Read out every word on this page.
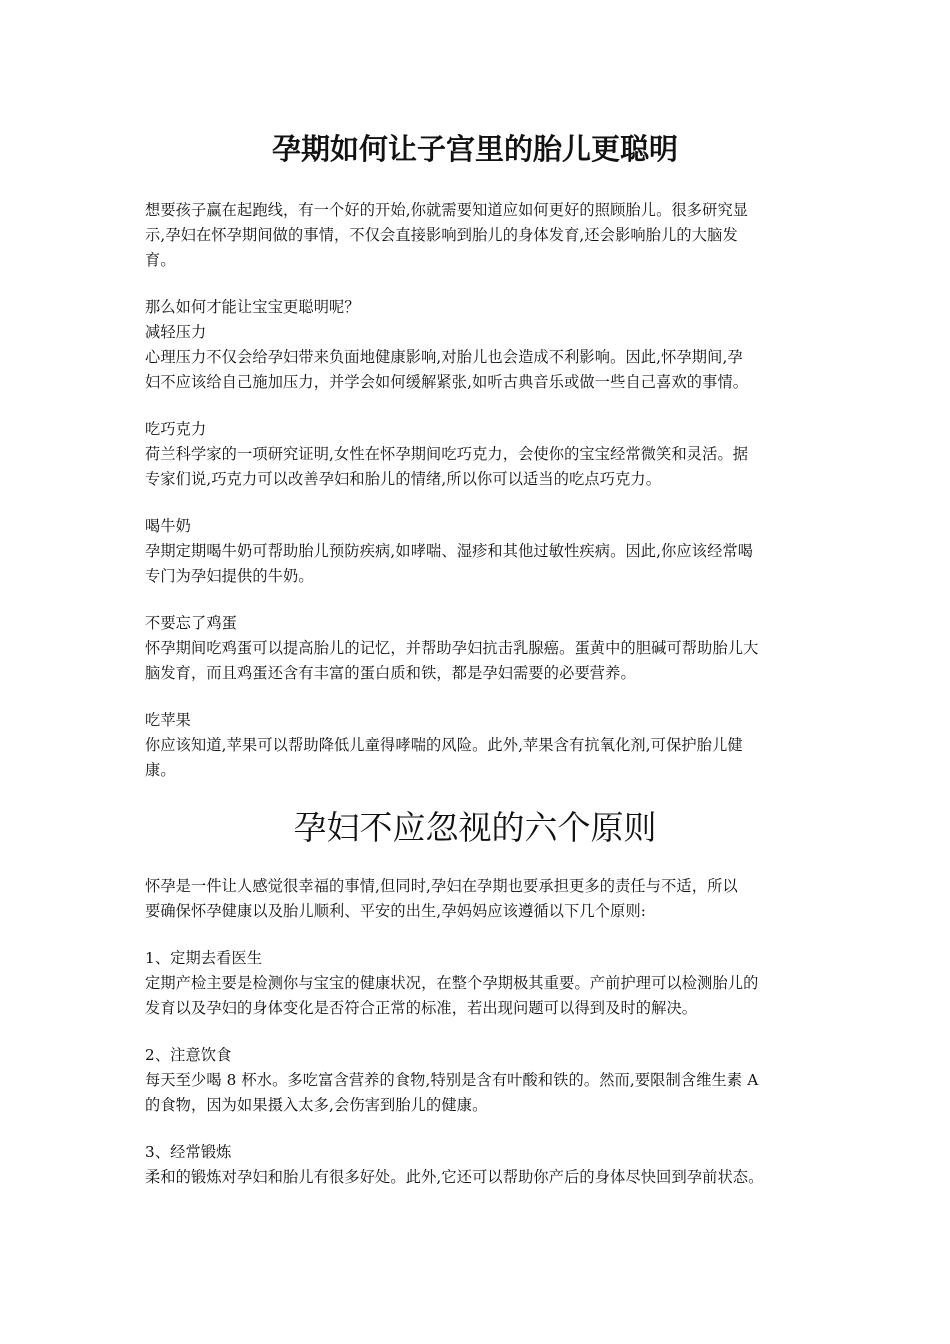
孕期如何让子宫里的胎儿更聪明

想要孩子赢在起跑线，有一个好的开始,你就需要知道应如何更好的照顾胎儿。很多研究显

示,孕妇在怀孕期间做的事情，不仅会直接影响到胎儿的身体发育,还会影响胎儿的大脑发

育。

那么如何才能让宝宝更聪明呢？

减轻压力

心理压力不仅会给孕妇带来负面地健康影响,对胎儿也会造成不利影响。因此,怀孕期间,孕

妇不应该给自己施加压力，并学会如何缓解紧张,如听古典音乐或做一些自己喜欢的事情。

吃巧克力

荷兰科学家的一项研究证明,女性在怀孕期间吃巧克力，会使你的宝宝经常微笑和灵活。据

专家们说,巧克力可以改善孕妇和胎儿的情绪,所以你可以适当的吃点巧克力。

喝牛奶

孕期定期喝牛奶可帮助胎儿预防疾病,如哮喘、湿疹和其他过敏性疾病。因此,你应该经常喝

专门为孕妇提供的牛奶。

不要忘了鸡蛋

怀孕期间吃鸡蛋可以提高胎儿的记忆，并帮助孕妇抗击乳腺癌。蛋黄中的胆碱可帮助胎儿大

脑发育，而且鸡蛋还含有丰富的蛋白质和铁，都是孕妇需要的必要营养。

吃苹果

你应该知道,苹果可以帮助降低儿童得哮喘的风险。此外,苹果含有抗氧化剂,可保护胎儿健

康。

孕妇不应忽视的六个原则

怀孕是一件让人感觉很幸福的事情,但同时,孕妇在孕期也要承担更多的责任与不适，所以

要确保怀孕健康以及胎儿顺利、平安的出生,孕妈妈应该遵循以下几个原则:

1、定期去看医生

定期产检主要是检测你与宝宝的健康状况，在整个孕期极其重要。产前护理可以检测胎儿的

发育以及孕妇的身体变化是否符合正常的标准，若出现问题可以得到及时的解决。

2、注意饮食

每天至少喝 8 杯水。多吃富含营养的食物,特别是含有叶酸和铁的。然而,要限制含维生素 A

的食物，因为如果摄入太多,会伤害到胎儿的健康。

3、经常锻炼

柔和的锻炼对孕妇和胎儿有很多好处。此外,它还可以帮助你产后的身体尽快回到孕前状态。
